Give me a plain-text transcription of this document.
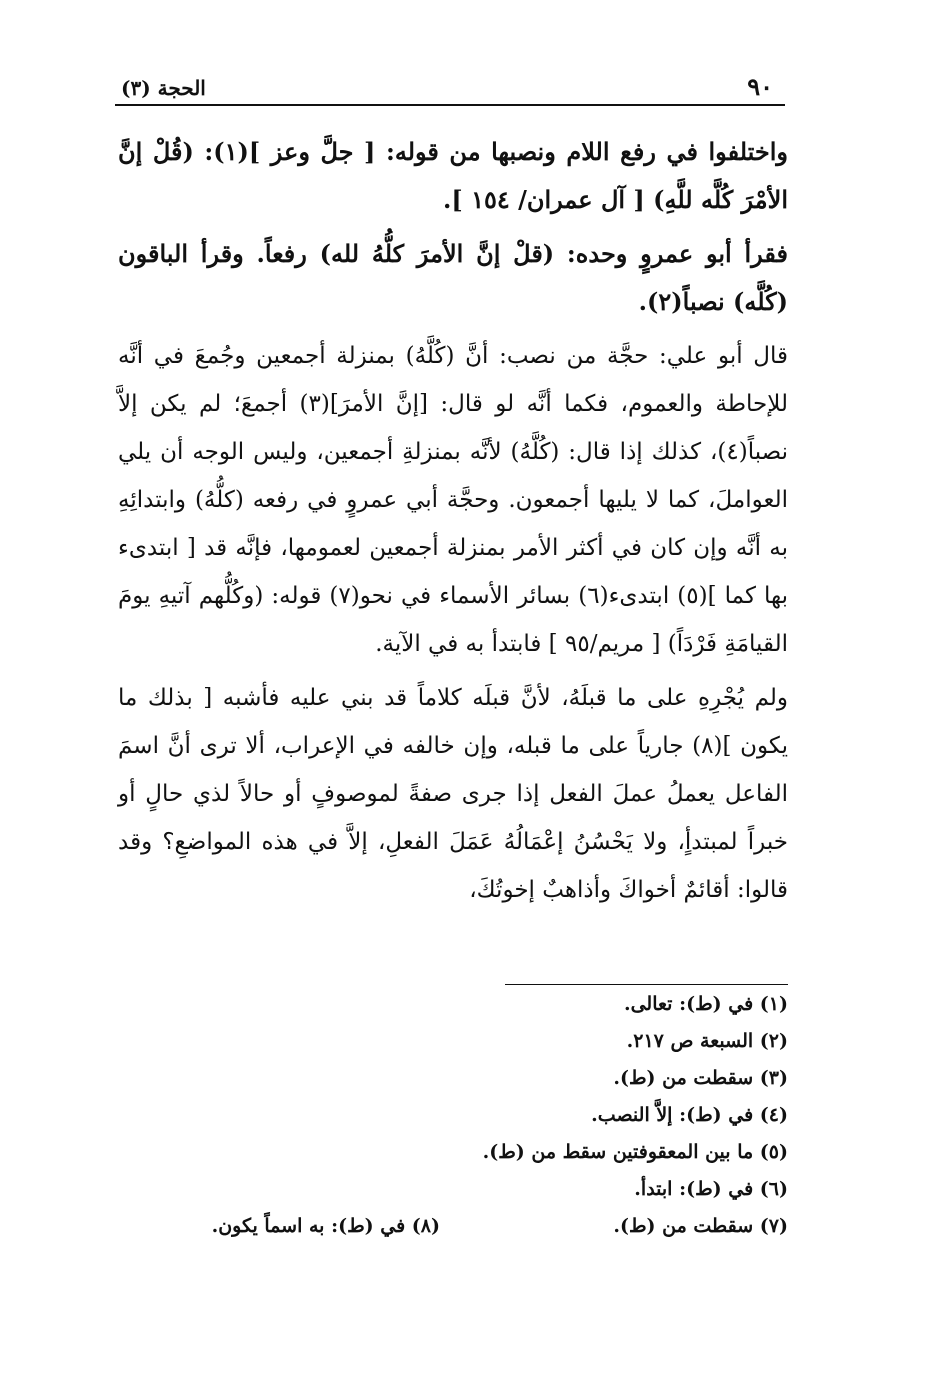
٩٠
الحجة (٣)

واختلفوا في رفع اللام ونصبها من قوله: [ جلَّ وعز ](١): (قُلْ إنَّ الأمْرَ كُلَّه للَّهِ) [ آل عمران/ ١٥٤ ].

فقرأ أبو عمروٍ وحده: (قلْ إنَّ الأمرَ كلُّهُ لله) رفعاً. وقرأ الباقون (كُلَّه) نصباً(٢).

قال أبو علي: حجَّة من نصب: أنَّ (كُلَّهُ) بمنزلة أجمعين وجُمعَ في أنَّه للإحاطة والعموم، فكما أنَّه لو قال: [إنَّ الأمرَ](٣) أجمعَ؛ لم يكن إلاَّ نصباً(٤)، كذلك إذا قال: (كُلَّهُ) لأنَّه بمنزلةِ أجمعين، وليس الوجه أن يلي العواملَ، كما لا يليها أجمعون. وحجَّة أبي عمروٍ في رفعه (كلُّهُ) وابتدائِهِ به أنَّه وإن كان في أكثر الأمر بمنزلة أجمعين لعمومها، فإنَّه قد [ ابتدىء بها كما ](٥) ابتدىء(٦) بسائر الأسماء في نحو(٧) قوله: (وكُلُّهم آتيهِ يومَ القيامَةِ فَرْدَاً) [ مريم/٩٥ ] فابتدأ به في الآية.

ولم يُجْرِهِ على ما قبلَهُ، لأنَّ قبلَه كلاماً قد بني عليه فأشبه [ بذلك ما يكون ](٨) جارياً على ما قبله، وإن خالفه في الإعراب، ألا ترى أنَّ اسمَ الفاعل يعملُ عملَ الفعل إذا جرى صفةً لموصوفٍ أو حالاً لذي حالٍ أو خبراً لمبتدأٍ، ولا يَحْسُنُ إعْمَالُهُ عَمَلَ الفعلِ، إلاَّ في هذه المواضعِ؟ وقد قالوا: أقائمٌ أخواكَ وأذاهبٌ إخوتُكَ،

(١) في (ط): تعالى.
(٢) السبعة ص ٢١٧.
(٣) سقطت من (ط).
(٤) في (ط): إلاَّ النصب.
(٥) ما بين المعقوفتين سقط من (ط).
(٦) في (ط): ابتدأ.
(٧) سقطت من (ط).
(٨) في (ط): به اسماً يكون.
